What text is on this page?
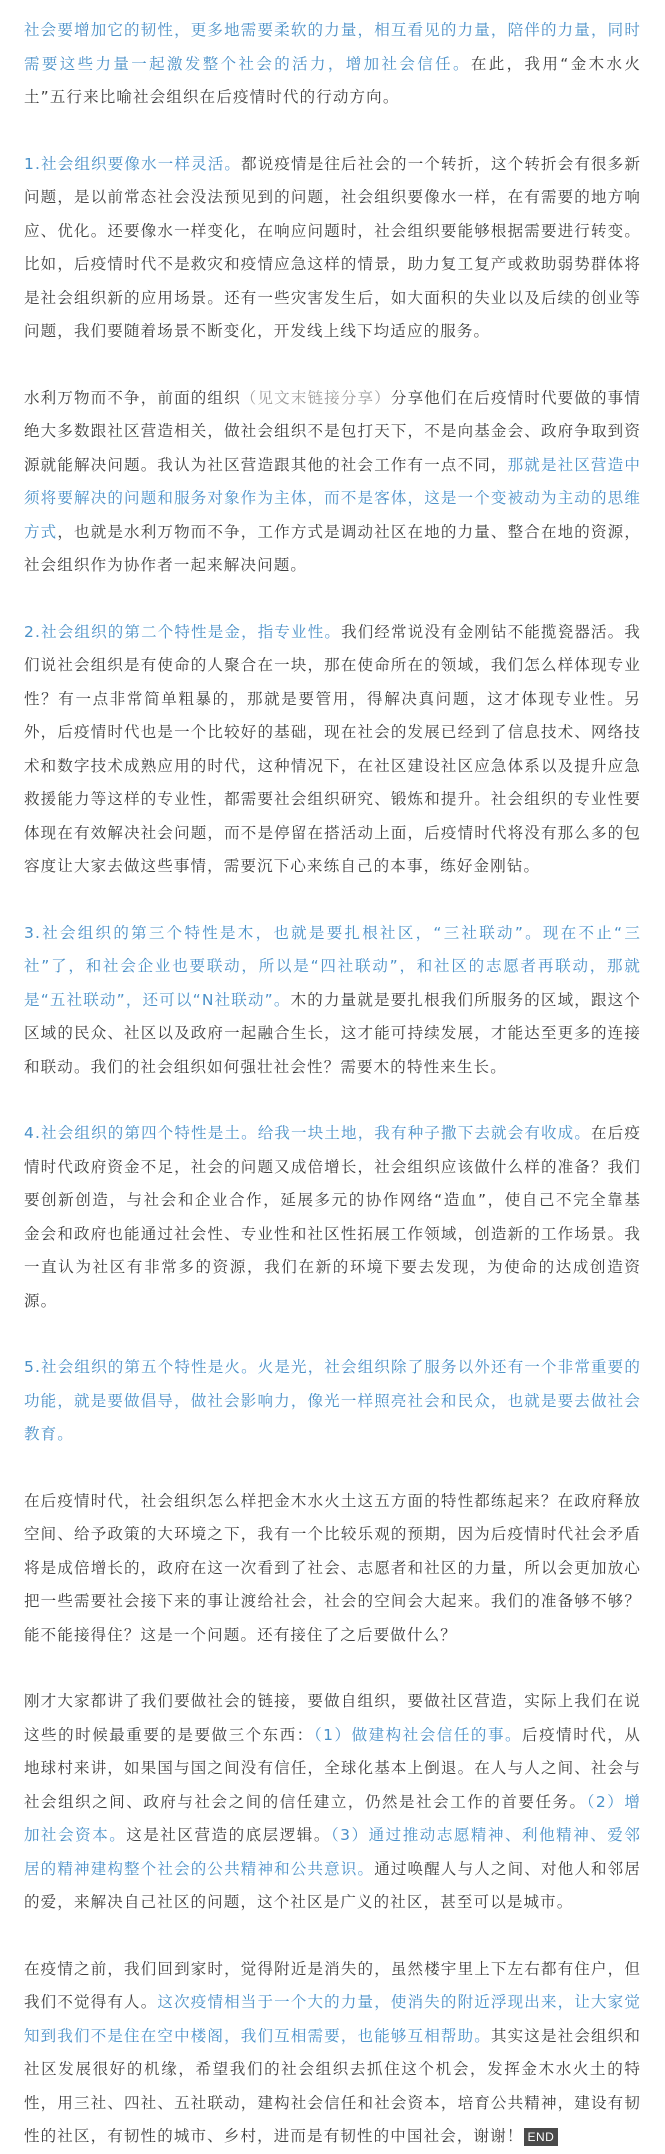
社会要增加它的韧性，更多地需要柔软的力量，相互看见的力量，陪伴的力量，同时需要这些力量一起激发整个社会的活力，增加社会信任。在此，我用“金木水火土”五行来比喻社会组织在后疫情时代的行动方向。

1.社会组织要像水一样灵活。都说疫情是往后社会的一个转折，这个转折会有很多新问题，是以前常态社会没法预见到的问题，社会组织要像水一样，在有需要的地方响应、优化。还要像水一样变化，在响应问题时，社会组织要能够根据需要进行转变。比如，后疫情时代不是救灾和疫情应急这样的情景，助力复工复产或救助弱势群体将是社会组织新的应用场景。还有一些灾害发生后，如大面积的失业以及后续的创业等问题，我们要随着场景不断变化，开发线上线下均适应的服务。

水利万物而不争，前面的组织（见文末链接分享）分享他们在后疫情时代要做的事情绝大多数跟社区营造相关，做社会组织不是包打天下，不是向基金会、政府争取到资源就能解决问题。我认为社区营造跟其他的社会工作有一点不同，那就是社区营造中须将要解决的问题和服务对象作为主体，而不是客体，这是一个变被动为主动的思维方式，也就是水利万物而不争，工作方式是调动社区在地的力量、整合在地的资源，社会组织作为协作者一起来解决问题。

2.社会组织的第二个特性是金，指专业性。我们经常说没有金刚钻不能揽瓷器活。我们说社会组织是有使命的人聚合在一块，那在使命所在的领域，我们怎么样体现专业性？有一点非常简单粗暴的，那就是要管用，得解决真问题，这才体现专业性。另外，后疫情时代也是一个比较好的基础，现在社会的发展已经到了信息技术、网络技术和数字技术成熟应用的时代，这种情况下，在社区建设社区应急体系以及提升应急救援能力等这样的专业性，都需要社会组织研究、锻炼和提升。社会组织的专业性要体现在有效解决社会问题，而不是停留在搭活动上面，后疫情时代将没有那么多的包容度让大家去做这些事情，需要沉下心来练自己的本事，练好金刚钻。

3.社会组织的第三个特性是木，也就是要扎根社区，“三社联动”。现在不止“三社”了，和社会企业也要联动，所以是“四社联动”，和社区的志愿者再联动，那就是“五社联动”，还可以“N社联动”。木的力量就是要扎根我们所服务的区域，跟这个区域的民众、社区以及政府一起融合生长，这才能可持续发展，才能达至更多的连接和联动。我们的社会组织如何强壮社会性？需要木的特性来生长。

4.社会组织的第四个特性是土。给我一块土地，我有种子撒下去就会有收成。在后疫情时代政府资金不足，社会的问题又成倍增长，社会组织应该做什么样的准备？我们要创新创造，与社会和企业合作，延展多元的协作网络“造血”，使自己不完全靠基金会和政府也能通过社会性、专业性和社区性拓展工作领域，创造新的工作场景。我一直认为社区有非常多的资源，我们在新的环境下要去发现，为使命的达成创造资源。

5.社会组织的第五个特性是火。火是光，社会组织除了服务以外还有一个非常重要的功能，就是要做倡导，做社会影响力，像光一样照亮社会和民众，也就是要去做社会教育。

在后疫情时代，社会组织怎么样把金木水火土这五方面的特性都练起来？在政府释放空间、给予政策的大环境之下，我有一个比较乐观的预期，因为后疫情时代社会矛盾将是成倍增长的，政府在这一次看到了社会、志愿者和社区的力量，所以会更加放心把一些需要社会接下来的事让渡给社会，社会的空间会大起来。我们的准备够不够？能不能接得住？这是一个问题。还有接住了之后要做什么？

刚才大家都讲了我们要做社会的链接，要做自组织，要做社区营造，实际上我们在说这些的时候最重要的是要做三个东西：（1）做建构社会信任的事。后疫情时代，从地球村来讲，如果国与国之间没有信任，全球化基本上倒退。在人与人之间、社会与社会组织之间、政府与社会之间的信任建立，仍然是社会工作的首要任务。（2）增加社会资本。这是社区营造的底层逻辑。（3）通过推动志愿精神、利他精神、爱邻居的精神建构整个社会的公共精神和公共意识。通过唤醒人与人之间、对他人和邻居的爱，来解决自己社区的问题，这个社区是广义的社区，甚至可以是城市。

在疫情之前，我们回到家时，觉得附近是消失的，虽然楼宇里上下左右都有住户，但我们不觉得有人。这次疫情相当于一个大的力量，使消失的附近浮现出来，让大家觉知到我们不是住在空中楼阁，我们互相需要，也能够互相帮助。其实这是社会组织和社区发展很好的机缘，希望我们的社会组织去抓住这个机会，发挥金木水火土的特性，用三社、四社、五社联动，建构社会信任和社会资本，培育公共精神，建设有韧性的社区，有韧性的城市、乡村，进而是有韧性的中国社会，谢谢！ END
